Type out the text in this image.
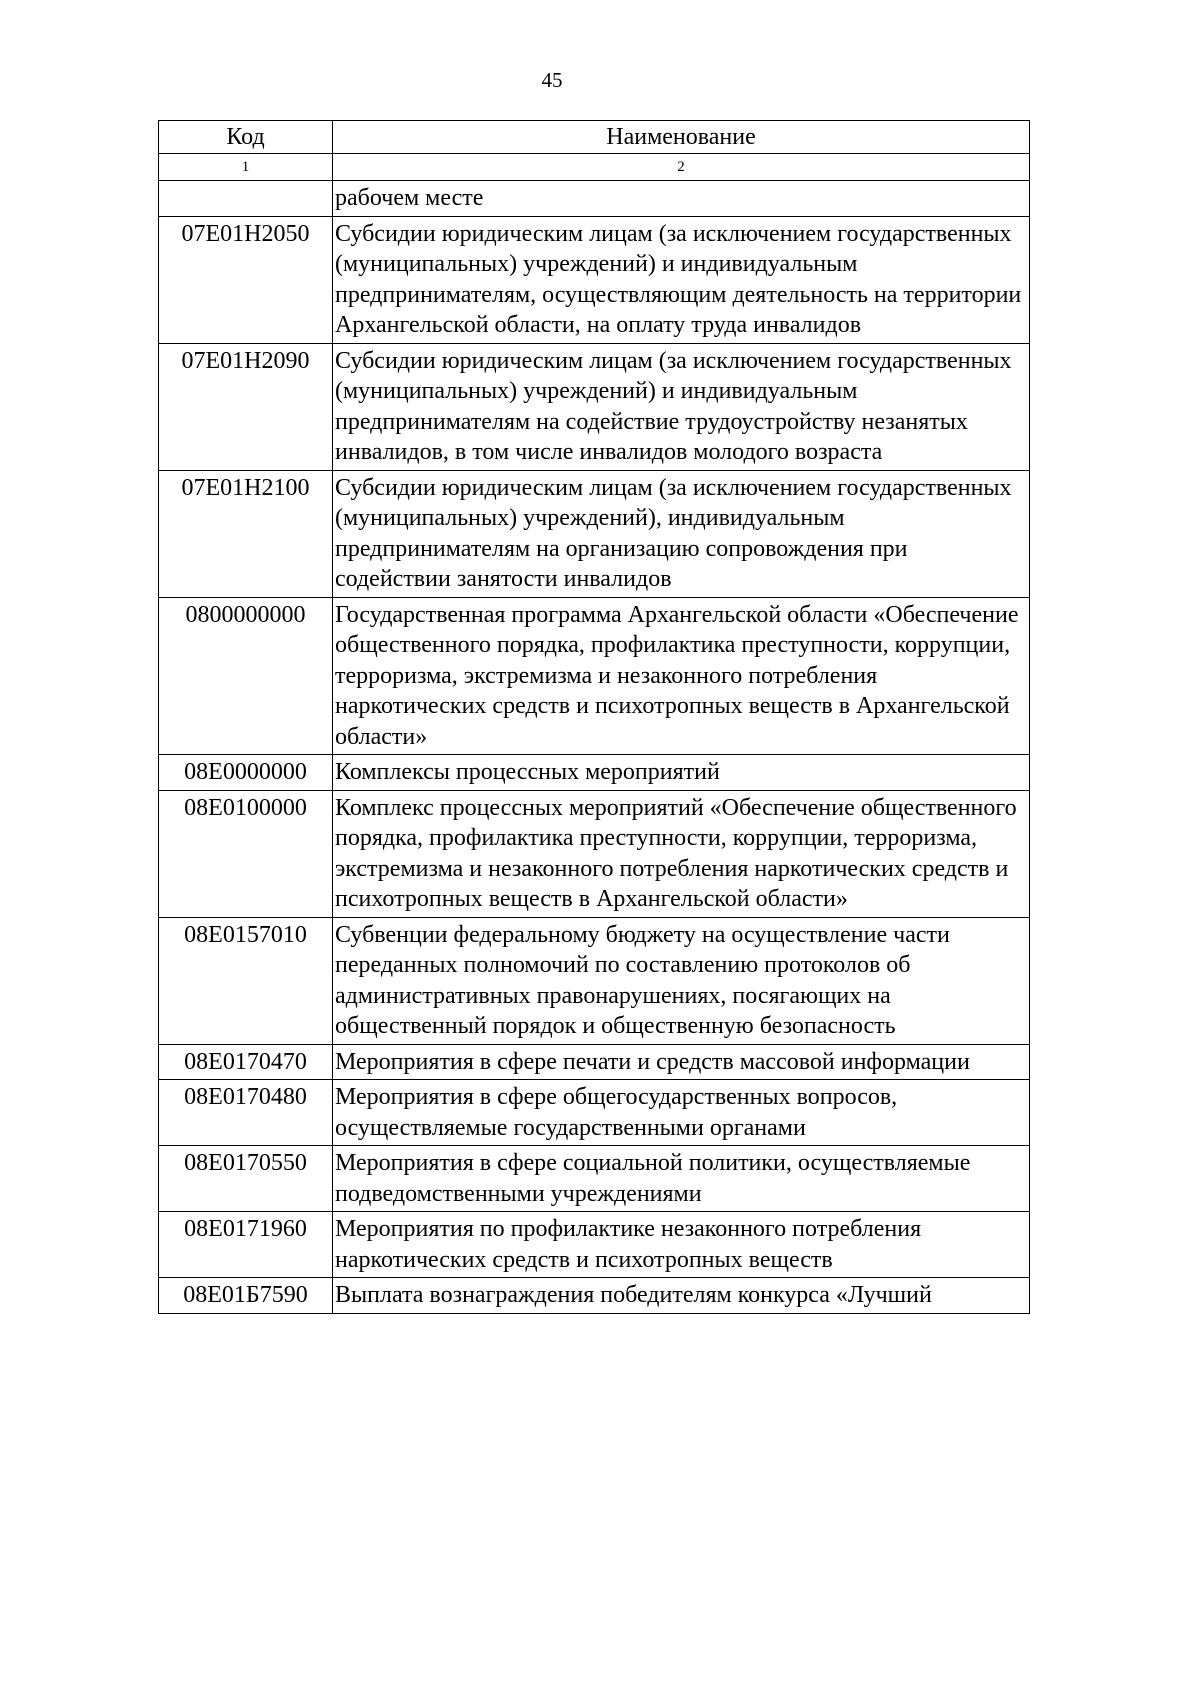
45
Код	Наименование
1	2
	рабочем месте
07Е01Н2050	Субсидии юридическим лицам (за исключением государственных (муниципальных) учреждений) и индивидуальным предпринимателям, осуществляющим деятельность на территории Архангельской области, на оплату труда инвалидов
07Е01Н2090	Субсидии юридическим лицам (за исключением государственных (муниципальных) учреждений) и индивидуальным предпринимателям на содействие трудоустройству незанятых инвалидов, в том числе инвалидов молодого возраста
07Е01Н2100	Субсидии юридическим лицам (за исключением государственных (муниципальных) учреждений), индивидуальным предпринимателям на организацию сопровождения при содействии занятости инвалидов
0800000000	Государственная программа Архангельской области «Обеспечение общественного порядка, профилактика преступности, коррупции, терроризма, экстремизма и незаконного потребления наркотических средств и психотропных веществ в Архангельской области»
08Е0000000	Комплексы процессных мероприятий
08Е0100000	Комплекс процессных мероприятий «Обеспечение общественного порядка, профилактика преступности, коррупции, терроризма, экстремизма и незаконного потребления наркотических средств и психотропных веществ в Архангельской области»
08Е0157010	Субвенции федеральному бюджету на осуществление части переданных полномочий по составлению протоколов об административных правонарушениях, посягающих на общественный порядок и общественную безопасность
08Е0170470	Мероприятия в сфере печати и средств массовой информации
08Е0170480	Мероприятия в сфере общегосударственных вопросов, осуществляемые государственными органами
08Е0170550	Мероприятия в сфере социальной политики, осуществляемые подведомственными учреждениями
08Е0171960	Мероприятия по профилактике незаконного потребления наркотических средств и психотропных веществ
08Е01Б7590	Выплата вознаграждения победителям конкурса «Лучший
